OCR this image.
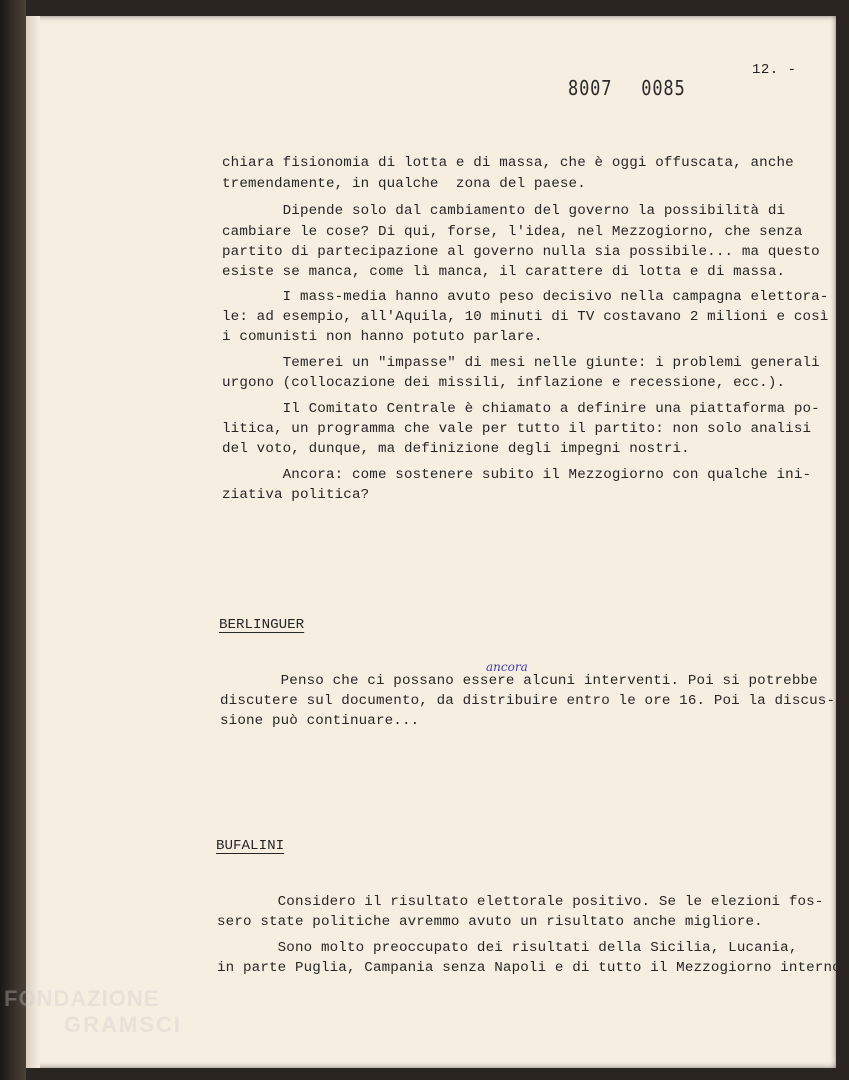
12. -
8007 0085
chiara fisionomia di lotta e di massa, che è oggi offuscata, anche
tremendamente, in qualche  zona del paese.
Dipende solo dal cambiamento del governo la possibilità di
cambiare le cose? Di qui, forse, l'idea, nel Mezzogiorno, che senza
partito di partecipazione al governo nulla sia possibile... ma questo
esiste se manca, come lì manca, il carattere di lotta e di massa.
I mass-media hanno avuto peso decisivo nella campagna elettora-
le: ad esempio, all'Aquila, 10 minuti di TV costavano 2 milioni e così
i comunisti non hanno potuto parlare.
Temerei un "impasse" di mesi nelle giunte: i problemi generali
urgono (collocazione dei missili, inflazione e recessione, ecc.).
Il Comitato Centrale è chiamato a definire una piattaforma po-
litica, un programma che vale per tutto il partito: non solo analisi
del voto, dunque, ma definizione degli impegni nostri.
Ancora: come sostenere subito il Mezzogiorno con qualche ini-
ziativa politica?
BERLINGUER
ancora
Penso che ci possano essere alcuni interventi. Poi si potrebbe
discutere sul documento, da distribuire entro le ore 16. Poi la discus-
sione può continuare...
BUFALINI
Considero il risultato elettorale positivo. Se le elezioni fos-
sero state politiche avremmo avuto un risultato anche migliore.
Sono molto preoccupato dei risultati della Sicilia, Lucania,
in parte Puglia, Campania senza Napoli e di tutto il Mezzogiorno interno.
FONDAZIONE
GRAMSCI
